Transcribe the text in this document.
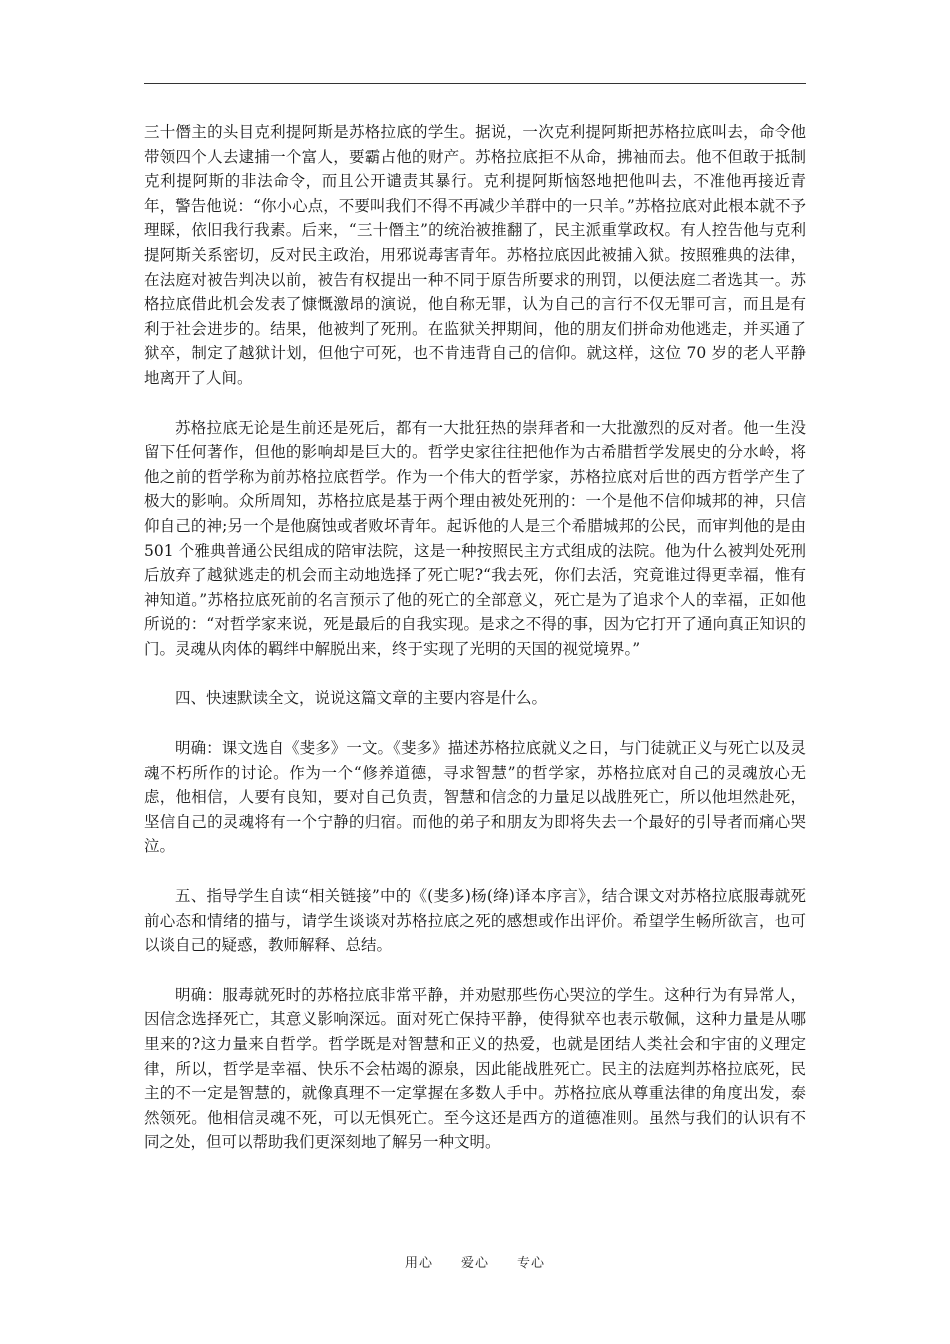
三十僭主的头目克利提阿斯是苏格拉底的学生。据说，一次克利提阿斯把苏格拉底叫去，命令他带领四个人去逮捕一个富人，要霸占他的财产。苏格拉底拒不从命，拂袖而去。他不但敢于抵制克利提阿斯的非法命令，而且公开谴责其暴行。克利提阿斯恼怒地把他叫去，不准他再接近青年，警告他说：“你小心点，不要叫我们不得不再减少羊群中的一只羊。”苏格拉底对此根本就不予理睬，依旧我行我素。后来，“三十僭主”的统治被推翻了，民主派重掌政权。有人控告他与克利提阿斯关系密切，反对民主政治，用邪说毒害青年。苏格拉底因此被捕入狱。按照雅典的法律，在法庭对被告判决以前，被告有权提出一种不同于原告所要求的刑罚，以便法庭二者选其一。苏格拉底借此机会发表了慷慨激昂的演说，他自称无罪，认为自己的言行不仅无罪可言，而且是有利于社会进步的。结果，他被判了死刑。在监狱关押期间，他的朋友们拼命劝他逃走，并买通了狱卒，制定了越狱计划，但他宁可死，也不肯违背自己的信仰。就这样，这位 70 岁的老人平静地离开了人间。

苏格拉底无论是生前还是死后，都有一大批狂热的崇拜者和一大批激烈的反对者。他一生没留下任何著作，但他的影响却是巨大的。哲学史家往往把他作为古希腊哲学发展史的分水岭，将他之前的哲学称为前苏格拉底哲学。作为一个伟大的哲学家，苏格拉底对后世的西方哲学产生了极大的影响。众所周知，苏格拉底是基于两个理由被处死刑的：一个是他不信仰城邦的神，只信仰自己的神;另一个是他腐蚀或者败坏青年。起诉他的人是三个希腊城邦的公民，而审判他的是由 501 个雅典普通公民组成的陪审法院，这是一种按照民主方式组成的法院。他为什么被判处死刑后放弃了越狱逃走的机会而主动地选择了死亡呢?“我去死，你们去活，究竟谁过得更幸福，惟有神知道。”苏格拉底死前的名言预示了他的死亡的全部意义，死亡是为了追求个人的幸福，正如他所说的：“对哲学家来说，死是最后的自我实现。是求之不得的事，因为它打开了通向真正知识的门。灵魂从肉体的羁绊中解脱出来，终于实现了光明的天国的视觉境界。”

四、快速默读全文，说说这篇文章的主要内容是什么。

明确：课文选自《斐多》一文。《斐多》描述苏格拉底就义之日，与门徒就正义与死亡以及灵魂不朽所作的讨论。作为一个“修养道德，寻求智慧”的哲学家，苏格拉底对自己的灵魂放心无虑，他相信，人要有良知，要对自己负责，智慧和信念的力量足以战胜死亡，所以他坦然赴死，坚信自己的灵魂将有一个宁静的归宿。而他的弟子和朋友为即将失去一个最好的引导者而痛心哭泣。

五、指导学生自读“相关链接”中的《(斐多)杨(绛)译本序言》，结合课文对苏格拉底服毒就死前心态和情绪的描与，请学生谈谈对苏格拉底之死的感想或作出评价。希望学生畅所欲言，也可以谈自己的疑惑，教师解释、总结。

明确：服毒就死时的苏格拉底非常平静，并劝慰那些伤心哭泣的学生。这种行为有异常人，因信念选择死亡，其意义影响深远。面对死亡保持平静，使得狱卒也表示敬佩，这种力量是从哪里来的?这力量来自哲学。哲学既是对智慧和正义的热爱，也就是团结人类社会和宇宙的义理定律，所以，哲学是幸福、快乐不会枯竭的源泉，因此能战胜死亡。民主的法庭判苏格拉底死，民主的不一定是智慧的，就像真理不一定掌握在多数人手中。苏格拉底从尊重法律的角度出发，泰然领死。他相信灵魂不死，可以无惧死亡。至今这还是西方的道德准则。虽然与我们的认识有不同之处，但可以帮助我们更深刻地了解另一种文明。

用心　　爱心　　专心
